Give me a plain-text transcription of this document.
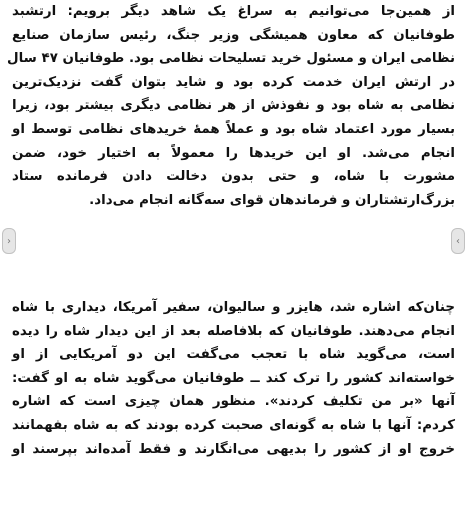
از همین‌جا می‌توانیم به سراغ یک شاهد دیگر برویم: ارتشبد
طوفانیان که معاون همیشگی وزیر جنگ، رئیس سازمان صنایع
نظامی ایران و مسئول خرید تسلیحات نظامی بود. طوفانیان ۴۷ سال
در ارتش ایران خدمت کرده بود و شاید بتوان گفت نزدیک‌ترین
نظامی به شاه بود و نفوذش از هر نظامی دیگری بیشتر بود، زیرا
بسیار مورد اعتماد شاه بود و عملاً همهٔ خریدهای نظامی توسط او
انجام می‌شد. او این خریدها را معمولاً به اختیار خود، ضمن
مشورت با شاه، و حتی بدون دخالت دادن فرمانده ستاد
بزرگ‌ارتشتاران و فرماندهان قوای سه‌گانه انجام می‌داد.
چنان‌که اشاره شد، هایزر و سالیوان، سفیر آمریکا، دیداری با شاه
انجام می‌دهند. طوفانیان که بلافاصله بعد از این دیدار شاه را دیده
است، می‌گوید شاه با تعجب می‌گفت این دو آمریکایی از او
خواسته‌اند کشور را ترک کند ــ طوفانیان می‌گوید شاه به او گفت:
آنها «بر من تکلیف کردند». منظور همان چیزی است که اشاره
کردم: آنها با شاه به گونه‌ای صحبت کرده بودند که به شاه بفهمانند
خروج او از کشور را بدیهی می‌انگارند و فقط آمده‌اند بپرسند او
‹	›
